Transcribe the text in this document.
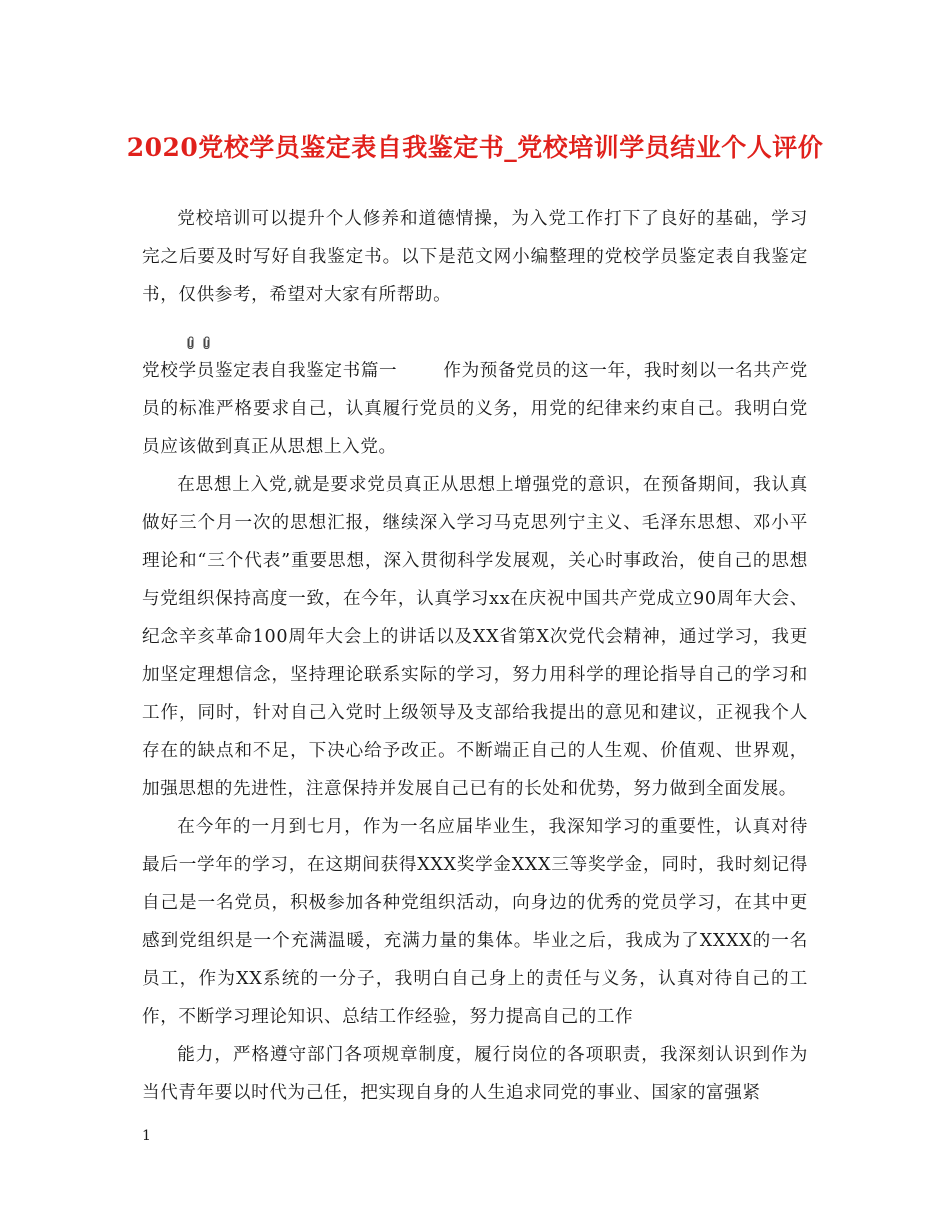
2020党校学员鉴定表自我鉴定书_党校培训学员结业个人评价

党校培训可以提升个人修养和道德情操，为入党工作打下了良好的基础，学习完之后要及时写好自我鉴定书。以下是范文网小编整理的党校学员鉴定表自我鉴定书，仅供参考，希望对大家有所帮助。

党校学员鉴定表自我鉴定书篇一	作为预备党员的这一年，我时刻以一名共产党员的标准严格要求自己，认真履行党员的义务，用党的纪律来约束自己。我明白党员应该做到真正从思想上入党。

在思想上入党,就是要求党员真正从思想上增强党的意识，在预备期间，我认真做好三个月一次的思想汇报，继续深入学习马克思列宁主义、毛泽东思想、邓小平理论和“三个代表”重要思想，深入贯彻科学发展观，关心时事政治，使自己的思想与党组织保持高度一致，在今年，认真学习xx在庆祝中国共产党成立90周年大会、纪念辛亥革命100周年大会上的讲话以及XX省第X次党代会精神，通过学习，我更加坚定理想信念，坚持理论联系实际的学习，努力用科学的理论指导自己的学习和工作，同时，针对自己入党时上级领导及支部给我提出的意见和建议，正视我个人存在的缺点和不足，下决心给予改正。不断端正自己的人生观、价值观、世界观，加强思想的先进性，注意保持并发展自己已有的长处和优势，努力做到全面发展。

在今年的一月到七月，作为一名应届毕业生，我深知学习的重要性，认真对待最后一学年的学习，在这期间获得XXX奖学金XXX三等奖学金，同时，我时刻记得自己是一名党员，积极参加各种党组织活动，向身边的优秀的党员学习，在其中更感到党组织是一个充满温暖，充满力量的集体。毕业之后，我成为了XXXX的一名员工，作为XX系统的一分子，我明白自己身上的责任与义务，认真对待自己的工作，不断学习理论知识、总结工作经验，努力提高自己的工作

能力，严格遵守部门各项规章制度，履行岗位的各项职责，我深刻认识到作为当代青年要以时代为己任，把实现自身的人生追求同党的事业、国家的富强紧

1
